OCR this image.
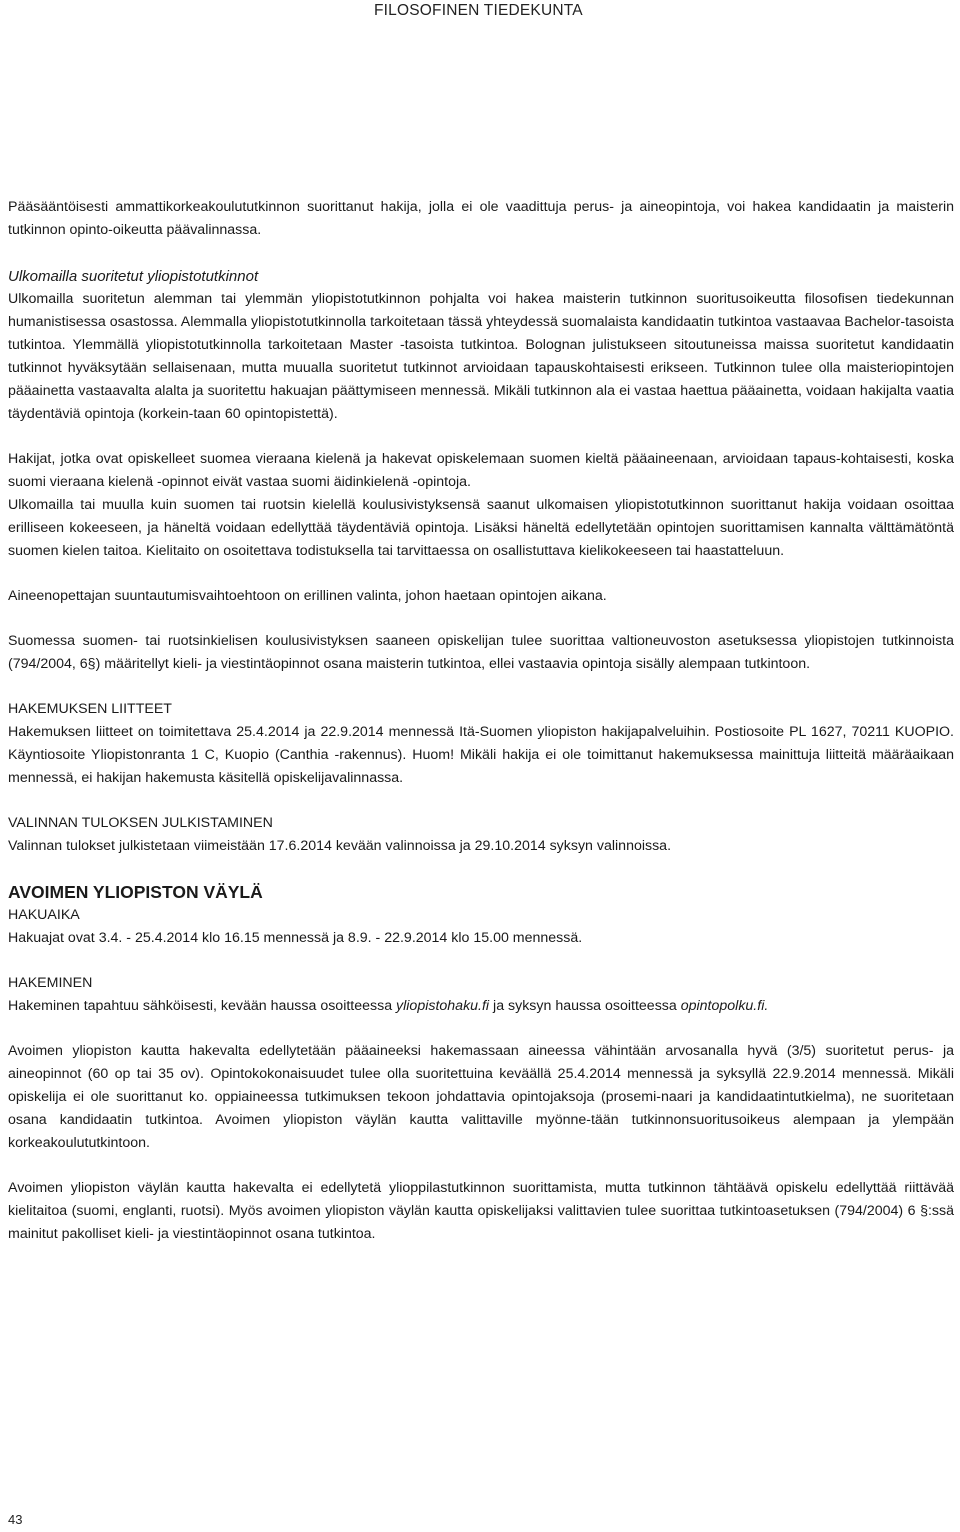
FILOSOFINEN TIEDEKUNTA

Pääsääntöisesti ammattikorkeakoulututkinnon suorittanut hakija, jolla ei ole vaadittuja perus- ja aineopintoja, voi hakea kandidaatin ja maisterin tutkinnon opinto-oikeutta päävalinnassa.

Ulkomailla suoritetut yliopistotutkinnot

Ulkomailla suoritetun alemman tai ylemmän yliopistotutkinnon pohjalta voi hakea maisterin tutkinnon suoritusoikeutta filosofisen tiedekunnan humanistisessa osastossa. Alemmalla yliopistotutkinnolla tarkoitetaan tässä yhteydessä suomalaista kandidaatin tutkintoa vastaavaa Bachelor-tasoista tutkintoa. Ylemmällä yliopistotutkinnolla tarkoitetaan Master -tasoista tutkintoa. Bolognan julistukseen sitoutuneissa maissa suoritetut kandidaatin tutkinnot hyväksytään sellaisenaan, mutta muualla suoritetut tutkinnot arvioidaan tapauskohtaisesti erikseen. Tutkinnon tulee olla maisteriopintojen pääainetta vastaavalta alalta ja suoritettu hakuajan päättymiseen mennessä. Mikäli tutkinnon ala ei vastaa haettua pääainetta, voidaan hakijalta vaatia täydentäviä opintoja (korkein-taan 60 opintopistettä).

Hakijat, jotka ovat opiskelleet suomea vieraana kielenä ja hakevat opiskelemaan suomen kieltä pääaineenaan, arvioidaan tapaus-kohtaisesti, koska suomi vieraana kielenä -opinnot eivät vastaa suomi äidinkielenä -opintoja.

Ulkomailla tai muulla kuin suomen tai ruotsin kielellä koulusivistyksensä saanut ulkomaisen yliopistotutkinnon suorittanut hakija voidaan osoittaa erilliseen kokeeseen, ja häneltä voidaan edellyttää täydentäviä opintoja. Lisäksi häneltä edellytetään opintojen suorittamisen kannalta välttämätöntä suomen kielen taitoa. Kielitaito on osoitettava todistuksella tai tarvittaessa on osallistuttava kielikokeeseen tai haastatteluun.

Aineenopettajan suuntautumisvaihtoehtoon on erillinen valinta, johon haetaan opintojen aikana.

Suomessa suomen- tai ruotsinkielisen koulusivistyksen saaneen opiskelijan tulee suorittaa valtioneuvoston asetuksessa yliopistojen tutkinnoista (794/2004, 6§) määritellyt kieli- ja viestintäopinnot osana maisterin tutkintoa, ellei vastaavia opintoja sisälly alempaan tutkintoon.

HAKEMUKSEN LIITTEET

Hakemuksen liitteet on toimitettava 25.4.2014 ja 22.9.2014 mennessä Itä-Suomen yliopiston hakijapalveluihin. Postiosoite PL 1627, 70211 KUOPIO. Käyntiosoite Yliopistonranta 1 C, Kuopio (Canthia -rakennus). Huom! Mikäli hakija ei ole toimittanut hakemuksessa mainittuja liitteitä määräaikaan mennessä, ei hakijan hakemusta käsitellä opiskelijavalinnassa.

VALINNAN TULOKSEN JULKISTAMINEN

Valinnan tulokset julkistetaan viimeistään 17.6.2014 kevään valinnoissa ja 29.10.2014 syksyn valinnoissa.

AVOIMEN YLIOPISTON VÄYLÄ

HAKUAIKA

Hakuajat ovat 3.4. - 25.4.2014 klo 16.15 mennessä ja 8.9. - 22.9.2014 klo 15.00 mennessä.

HAKEMINEN

Hakeminen tapahtuu sähköisesti, kevään haussa osoitteessa yliopistohaku.fi ja syksyn haussa osoitteessa opintopolku.fi.

Avoimen yliopiston kautta hakevalta edellytetään pääaineeksi hakemassaan aineessa vähintään arvosanalla hyvä (3/5) suoritetut perus- ja aineopinnot (60 op tai 35 ov). Opintokokonaisuudet tulee olla suoritettuina keväällä 25.4.2014 mennessä ja syksyllä 22.9.2014 mennessä. Mikäli opiskelija ei ole suorittanut ko. oppiaineessa tutkimuksen tekoon johdattavia opintojaksoja (prosemi-naari ja kandidaatintutkielma), ne suoritetaan osana kandidaatin tutkintoa. Avoimen yliopiston väylän kautta valittaville myönne-tään tutkinnonsuoritusoikeus alempaan ja ylempään korkeakoulututkintoon.

Avoimen yliopiston väylän kautta hakevalta ei edellytetä ylioppilastutkinnon suorittamista, mutta tutkinnon tähtäävä opiskelu edellyttää riittävää kielitaitoa (suomi, englanti, ruotsi). Myös avoimen yliopiston väylän kautta opiskelijaksi valittavien tulee suorittaa tutkintoasetuksen (794/2004) 6 §:ssä mainitut pakolliset kieli- ja viestintäopinnot osana tutkintoa.

43
